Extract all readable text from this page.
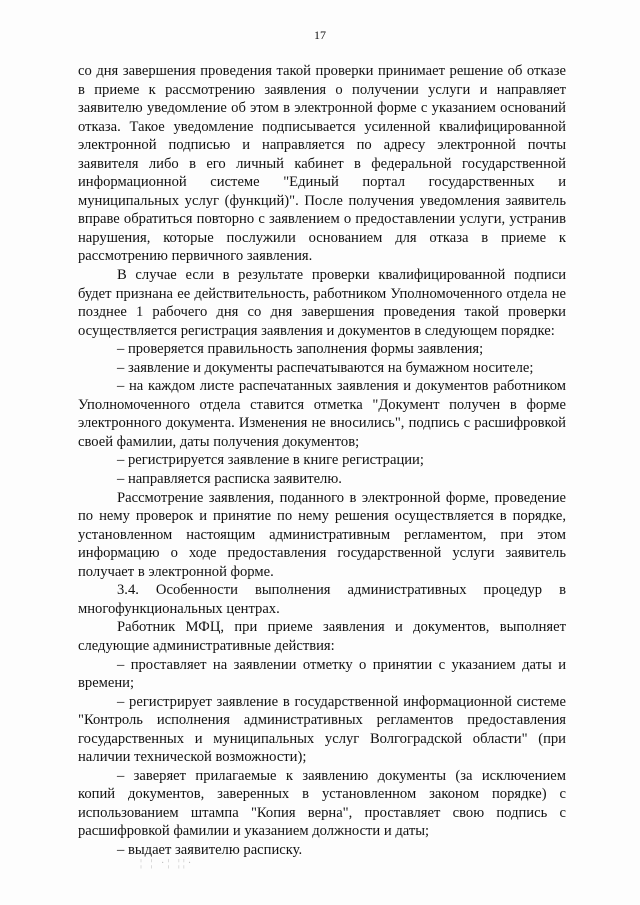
17

со дня завершения проведения такой проверки принимает решение об отказе в приеме к рассмотрению заявления о получении услуги и направляет заявителю уведомление об этом в электронной форме с указанием оснований отказа. Такое уведомление подписывается усиленной квалифицированной электронной подписью и направляется по адресу электронной почты заявителя либо в его личный кабинет в федеральной государственной информационной системе "Единый портал государственных и муниципальных услуг (функций)". После получения уведомления заявитель вправе обратиться повторно с заявлением о предоставлении услуги, устранив нарушения, которые послужили основанием для отказа в приеме к рассмотрению первичного заявления.

В случае если в результате проверки квалифицированной подписи будет признана ее действительность, работником Уполномоченного отдела не позднее 1 рабочего дня со дня завершения проведения такой проверки осуществляется регистрация заявления и документов в следующем порядке:

– проверяется правильность заполнения формы заявления;

– заявление и документы распечатываются на бумажном носителе;

– на каждом листе распечатанных заявления и документов работником Уполномоченного отдела ставится отметка "Документ получен в форме электронного документа. Изменения не вносились", подпись с расшифровкой своей фамилии, даты получения документов;

– регистрируется заявление в книге регистрации;

– направляется расписка заявителю.

Рассмотрение заявления, поданного в электронной форме, проведение по нему проверок и принятие по нему решения осуществляется в порядке, установленном настоящим административным регламентом, при этом информацию о ходе предоставления государственной услуги заявитель получает в электронной форме.

3.4. Особенности выполнения административных процедур в многофункциональных центрах.

Работник МФЦ, при приеме заявления и документов, выполняет следующие административные действия:

– проставляет на заявлении отметку о принятии с указанием даты и времени;

– регистрирует заявление в государственной информационной системе "Контроль исполнения административных регламентов предоставления государственных и муниципальных услуг Волгоградской области" (при наличии технической возможности);

– заверяет прилагаемые к заявлению документы (за исключением копий документов, заверенных в установленном законом порядке) с использованием штампа "Копия верна", проставляет свою подпись с расшифровкой фамилии и указанием должности и даты;

– выдает заявителю расписку.

¦ ¦ ·¦ ¦¦·
